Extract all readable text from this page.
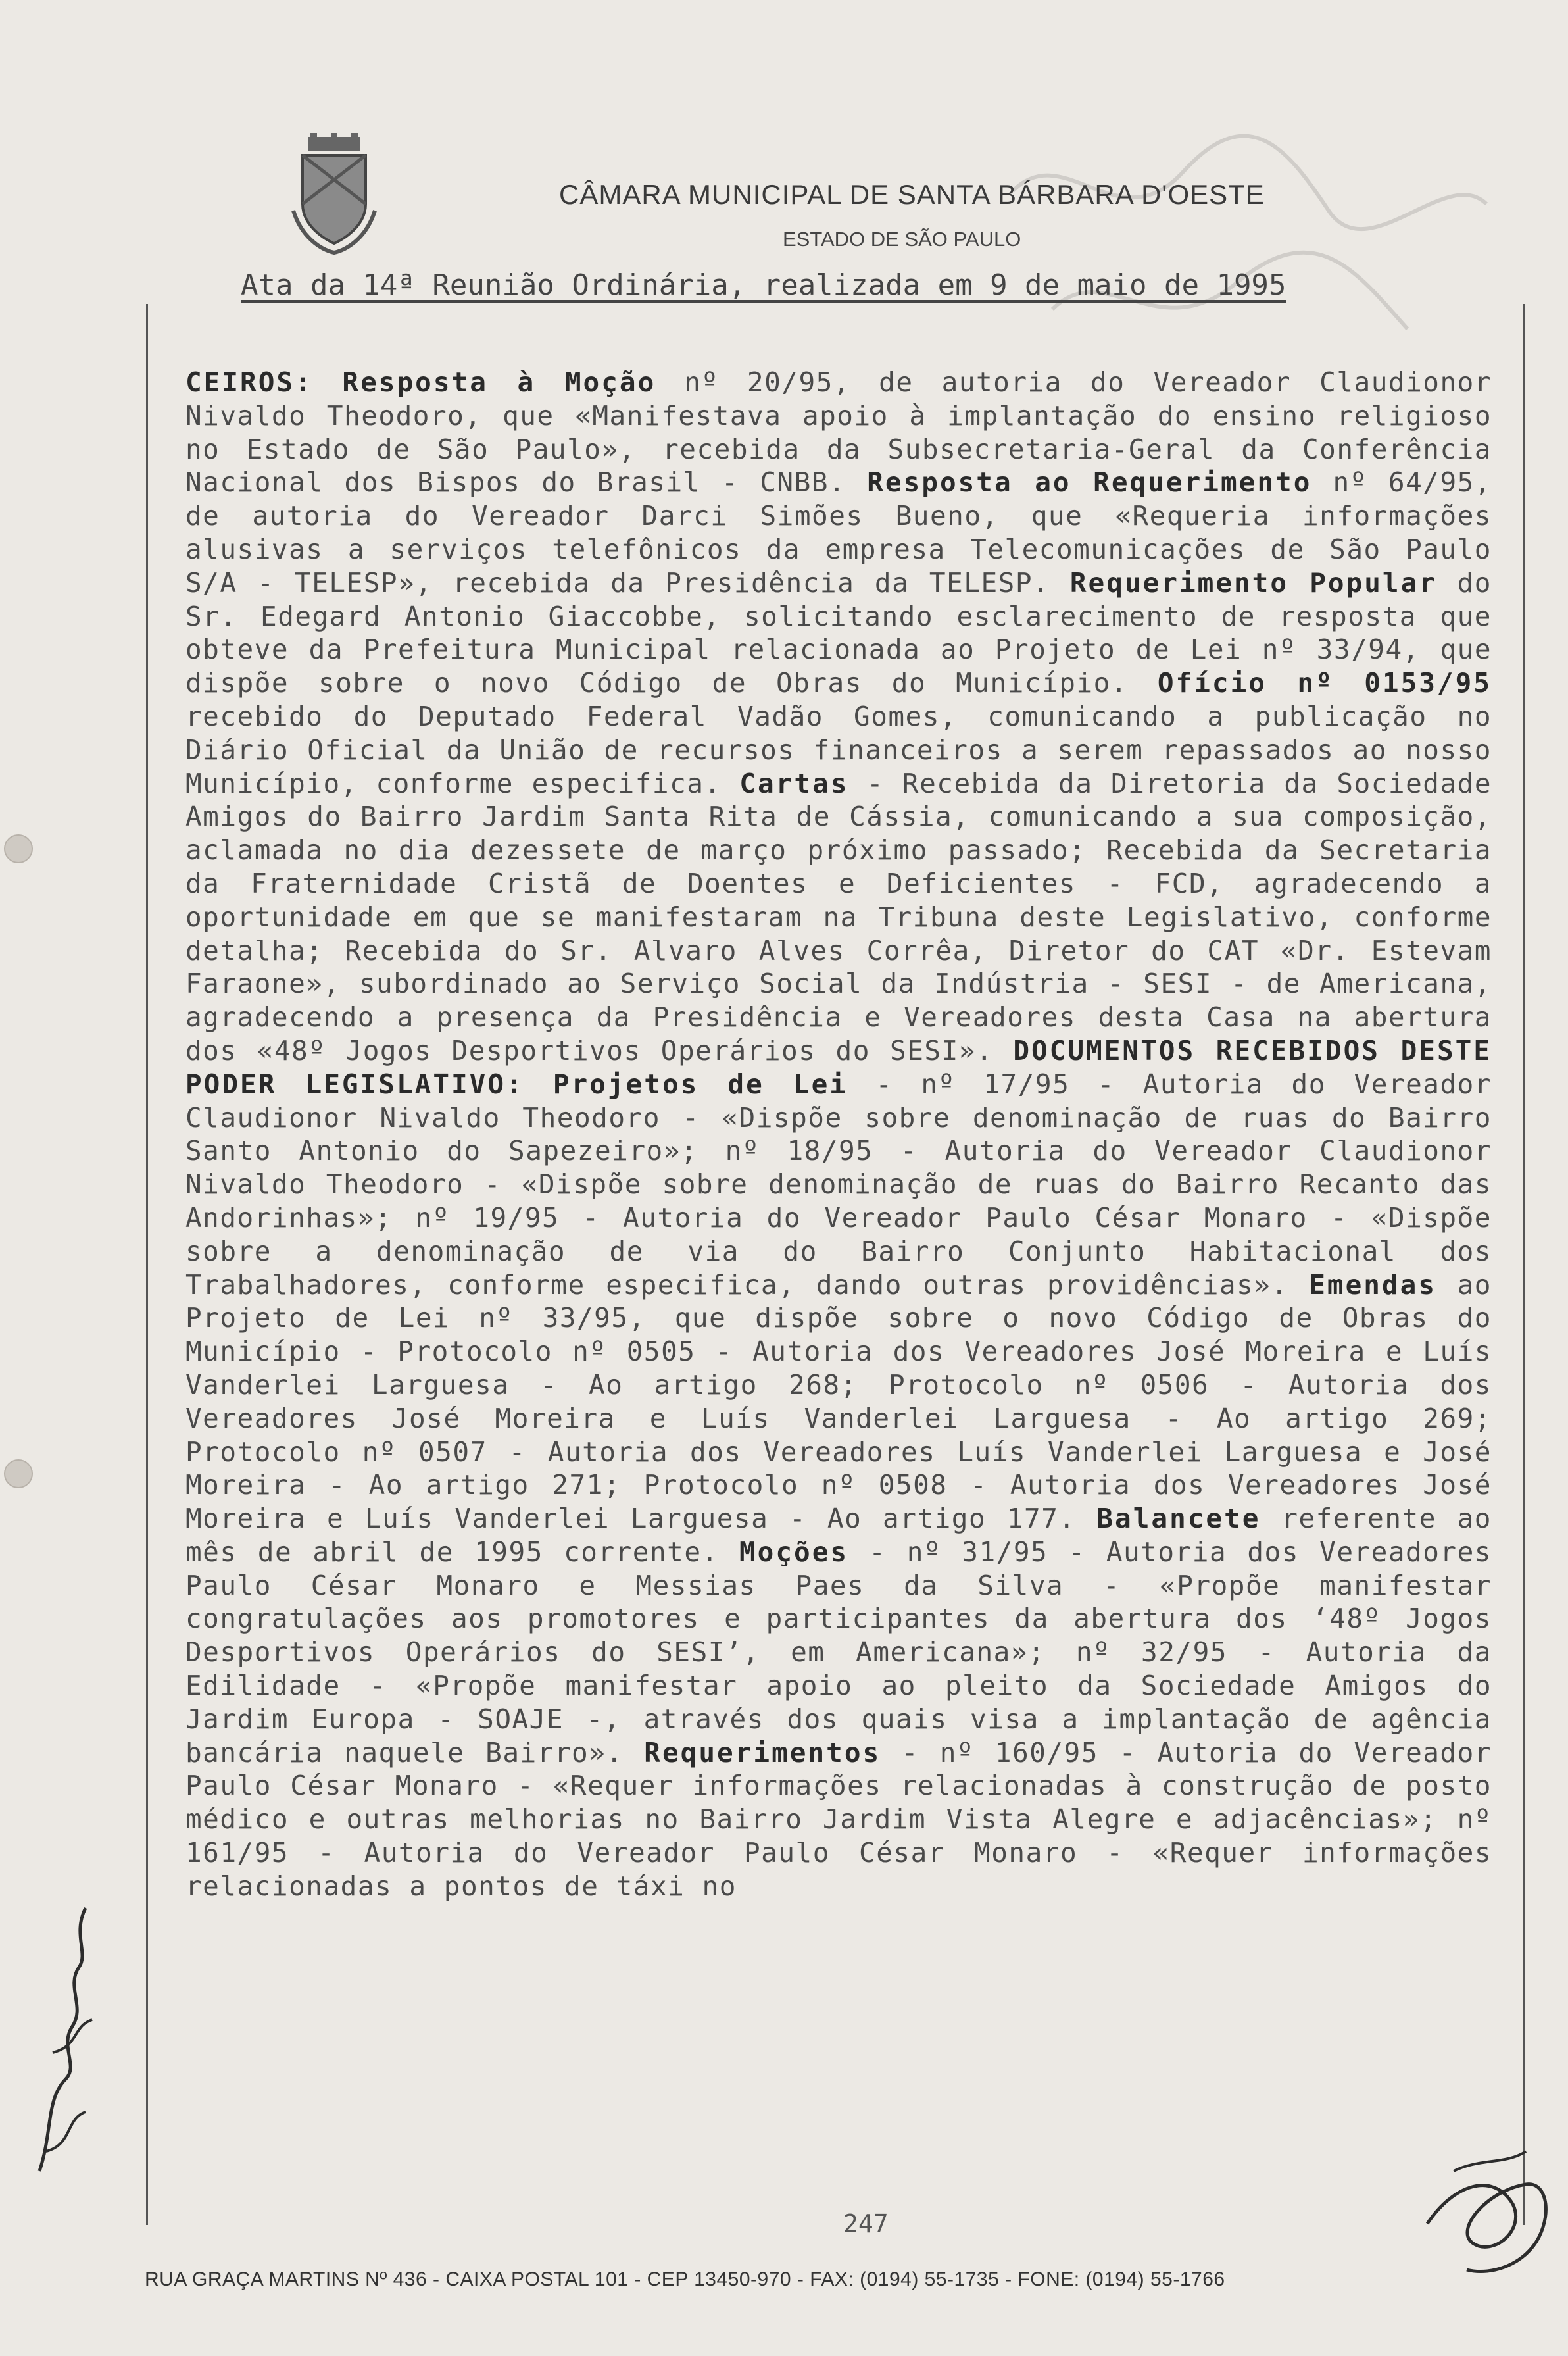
CÂMARA MUNICIPAL DE SANTA BÁRBARA D'OESTE
ESTADO DE SÃO PAULO
Ata da 14ª Reunião Ordinária, realizada em 9 de maio de 1995
CEIROS: Resposta à Moção nº 20/95, de autoria do Vereador Claudionor Nivaldo Theodoro, que «Manifestava apoio à implantação do ensino religioso no Estado de São Paulo», recebida da Subsecretaria-Geral da Conferência Nacional dos Bispos do Brasil - CNBB. Resposta ao Requerimento nº 64/95, de autoria do Vereador Darci Simões Bueno, que «Requeria informações alusivas a serviços telefônicos da empresa Telecomunicações de São Paulo S/A - TELESP», recebida da Presidência da TELESP. Requerimento Popular do Sr. Edegard Antonio Giaccobbe, solicitando esclarecimento de resposta que obteve da Prefeitura Municipal relacionada ao Projeto de Lei nº 33/94, que dispõe sobre o novo Código de Obras do Município. Ofício nº 0153/95 recebido do Deputado Federal Vadão Gomes, comunicando a publicação no Diário Oficial da União de recursos financeiros a serem repassados ao nosso Município, conforme especifica. Cartas - Recebida da Diretoria da Sociedade Amigos do Bairro Jardim Santa Rita de Cássia, comunicando a sua composição, aclamada no dia dezessete de março próximo passado; Recebida da Secretaria da Fraternidade Cristã de Doentes e Deficientes - FCD, agradecendo a oportunidade em que se manifestaram na Tribuna deste Legislativo, conforme detalha; Recebida do Sr. Alvaro Alves Corrêa, Diretor do CAT «Dr. Estevam Faraone», subordinado ao Serviço Social da Indústria - SESI - de Americana, agradecendo a presença da Presidência e Vereadores desta Casa na abertura dos «48º Jogos Desportivos Operários do SESI». DOCUMENTOS RECEBIDOS DESTE PODER LEGISLATIVO: Projetos de Lei - nº 17/95 - Autoria do Vereador Claudionor Nivaldo Theodoro - «Dispõe sobre denominação de ruas do Bairro Santo Antonio do Sapezeiro»; nº 18/95 - Autoria do Vereador Claudionor Nivaldo Theodoro - «Dispõe sobre denominação de ruas do Bairro Recanto das Andorinhas»; nº 19/95 - Autoria do Vereador Paulo César Monaro - «Dispõe sobre a denominação de via do Bairro Conjunto Habitacional dos Trabalhadores, conforme especifica, dando outras providências». Emendas ao Projeto de Lei nº 33/95, que dispõe sobre o novo Código de Obras do Município - Protocolo nº 0505 - Autoria dos Vereadores José Moreira e Luís Vanderlei Larguesa - Ao artigo 268; Protocolo nº 0506 - Autoria dos Vereadores José Moreira e Luís Vanderlei Larguesa - Ao artigo 269; Protocolo nº 0507 - Autoria dos Vereadores Luís Vanderlei Larguesa e José Moreira - Ao artigo 271; Protocolo nº 0508 - Autoria dos Vereadores José Moreira e Luís Vanderlei Larguesa - Ao artigo 177. Balancete referente ao mês de abril de 1995 corrente. Moções - nº 31/95 - Autoria dos Vereadores Paulo César Monaro e Messias Paes da Silva - «Propõe manifestar congratulações aos promotores e participantes da abertura dos ‘48º Jogos Desportivos Operários do SESI’, em Americana»; nº 32/95 - Autoria da Edilidade - «Propõe manifestar apoio ao pleito da Sociedade Amigos do Jardim Europa - SOAJE -, através dos quais visa a implantação de agência bancária naquele Bairro». Requerimentos - nº 160/95 - Autoria do Vereador Paulo César Monaro - «Requer informações relacionadas à construção de posto médico e outras melhorias no Bairro Jardim Vista Alegre e adjacências»; nº 161/95 - Autoria do Vereador Paulo César Monaro - «Requer informações relacionadas a pontos de táxi no
247
RUA GRAÇA MARTINS Nº 436 - CAIXA POSTAL 101 - CEP 13450-970 - FAX: (0194) 55-1735 - FONE: (0194) 55-1766
